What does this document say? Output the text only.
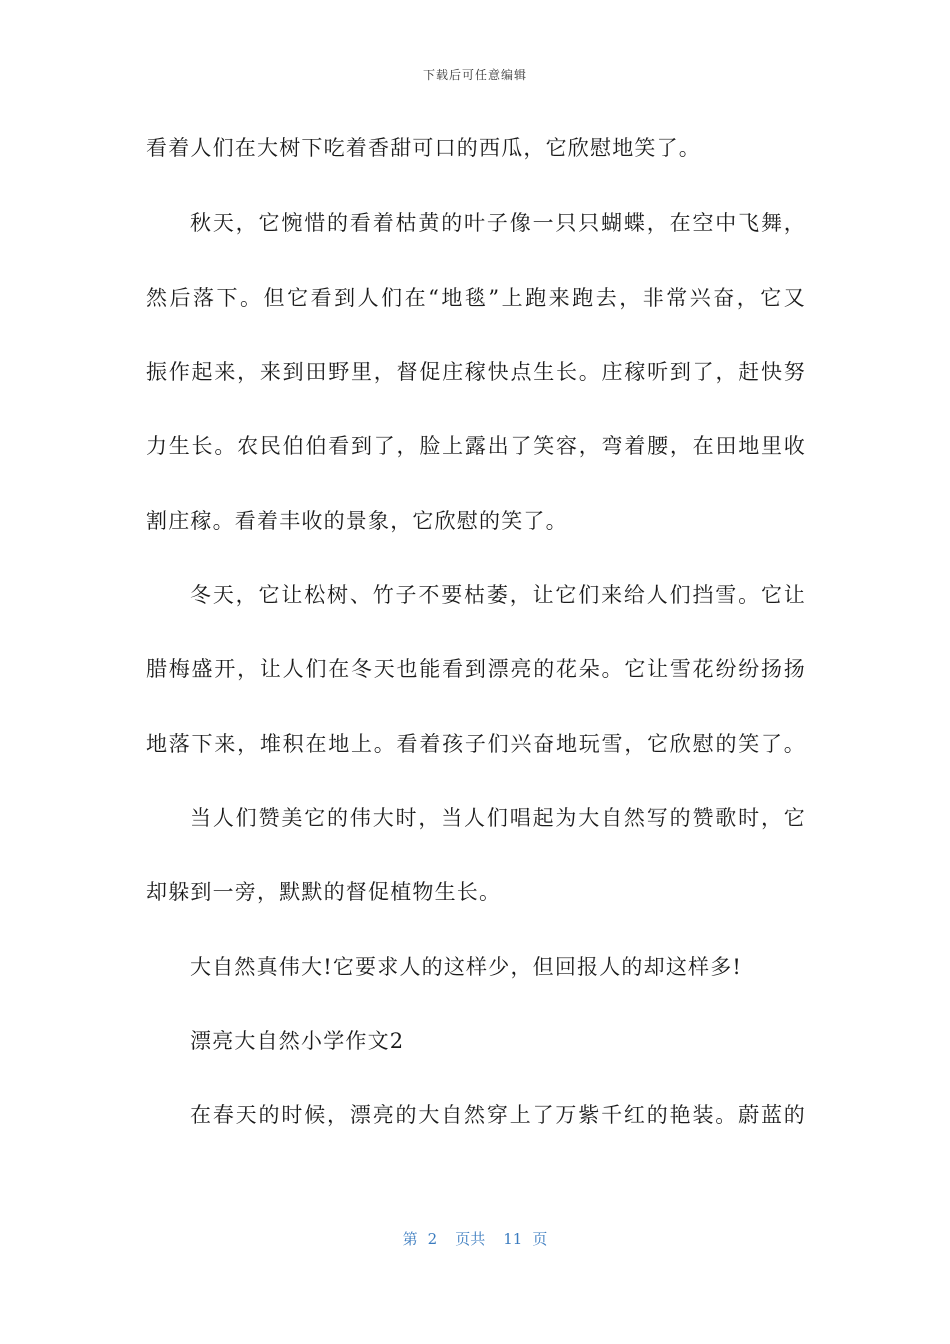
下载后可任意编辑
看着人们在大树下吃着香甜可口的西瓜，它欣慰地笑了。
秋天，它惋惜的看着枯黄的叶子像一只只蝴蝶，在空中飞舞，
然后落下。但它看到人们在“地毯”上跑来跑去，非常兴奋，它又
振作起来，来到田野里，督促庄稼快点生长。庄稼听到了，赶快努
力生长。农民伯伯看到了，脸上露出了笑容，弯着腰，在田地里收
割庄稼。看着丰收的景象，它欣慰的笑了。
冬天，它让松树、竹子不要枯萎，让它们来给人们挡雪。它让
腊梅盛开，让人们在冬天也能看到漂亮的花朵。它让雪花纷纷扬扬
地落下来，堆积在地上。看着孩子们兴奋地玩雪，它欣慰的笑了。
当人们赞美它的伟大时，当人们唱起为大自然写的赞歌时，它
却躲到一旁，默默的督促植物生长。
大自然真伟大!它要求人的这样少，但回报人的却这样多!
漂亮大自然小学作文2
在春天的时候，漂亮的大自然穿上了万紫千红的艳装。蔚蓝的
第 2 页共 11 页
